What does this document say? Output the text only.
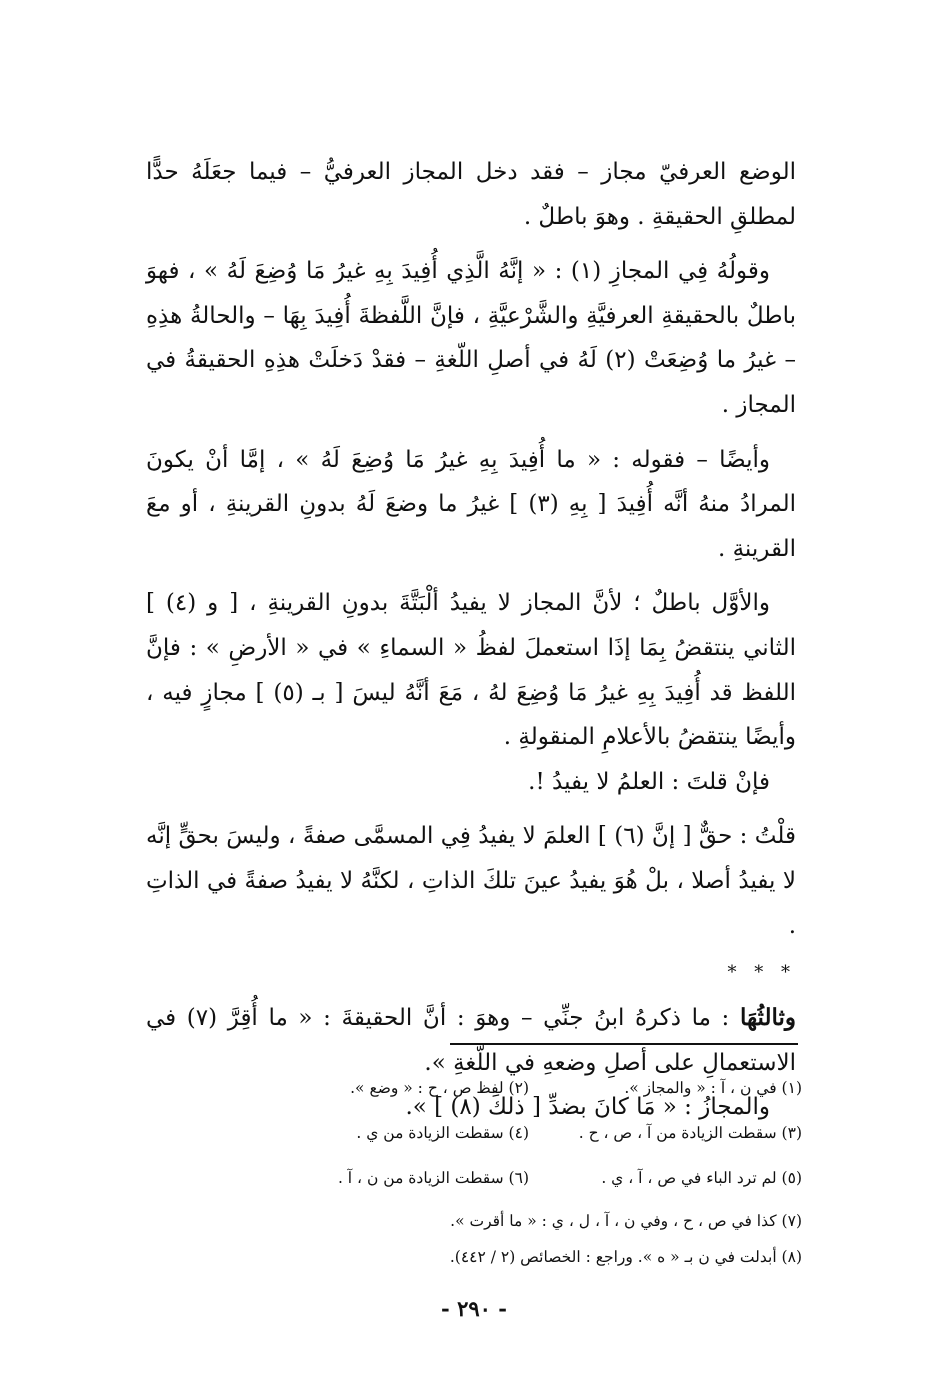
الوضع العرفيّ مجاز – فقد دخل المجاز العرفيُّ – فيما جعَلَهُ حدًّا لمطلقِ الحقيقةِ . وهوَ باطلٌ .

وقولُهُ فِي المجازِ (١) : « إنَّهُ الَّذِي أُفِيدَ بِهِ غيرُ مَا وُضِعَ لَهُ » ، فهوَ باطلٌ بالحقيقةِ العرفيَّةِ والشَّرْعيَّةِ ، فإنَّ اللَّفظةَ أُفِيدَ بِهَا – والحالةُ هذِهِ – غيرُ ما وُضِعَتْ (٢) لَهُ في أصلِ اللّغةِ – فقدْ دَخلَتْ هذِهِ الحقيقةُ في المجاز .

وأيضًا – فقوله : « ما أُفِيدَ بِهِ غيرُ مَا وُضِعَ لَهُ » ، إمَّا أنْ يكونَ المرادُ منهُ أنَّه أُفِيدَ [ بِهِ (٣) ] غيرُ ما وضعَ لَهُ بدونِ القرينةِ ، أو معَ القرينةِ .

والأوَّل باطلٌ ؛ لأنَّ المجاز لا يفيدُ ألْبَتَّةَ بدونِ القرينةِ ، [ و (٤) ] الثاني ينتقضُ بِمَا إذَا استعملَ لفظُ « السماءِ » في « الأرضِ » : فإنَّ اللفظ قد أُفِيدَ بِهِ غيرُ مَا وُضِعَ لهُ ، مَعَ أنَّهُ ليسَ [ بـ (٥) ] مجازٍ فيه ، وأيضًا ينتقضُ بالأعلامِ المنقولةِ .

فإنْ قلتَ : العلمُ لا يفيدُ !.

قلْتُ : حقٌّ [ إنَّ (٦) ] العلمَ لا يفيدُ فِي المسمَّى صفةً ، وليسَ بحقٍّ إنَّه لا يفيدُ أصلا ، بلْ هُوَ يفيدُ عينَ تلكَ الذاتِ ، لكنَّهُ لا يفيدُ صفةً في الذاتِ .

* * *

وثالثُهَا : ما ذكرهُ ابنُ جنِّي – وهوَ : أنَّ الحقيقةَ : « ما أُقِرَّ (٧) في الاستعمالِ على أصلِ وضعهِ في اللّغةِ ».

والمجازُ : « مَا كانَ بضدِّ [ ذلكَ (٨) ] ».

(١) في ن ، آ : « والمجاز ».
(٢) لفظ ص ، ح : « وضع ».
(٣) سقطت الزيادة من آ ، ص ، ح .
(٤) سقطت الزيادة من ي .
(٥) لم ترد الباء في ص ، آ ، ي .
(٦) سقطت الزيادة من ن ، آ .
(٧) كذا في ص ، ح ، وفي ن ، آ ، ل ، ي : « ما أقرت ».
(٨) أبدلت في ن بـ « ه ». وراجع : الخصائص (٢ / ٤٤٢).
- ٢٩٠ -
